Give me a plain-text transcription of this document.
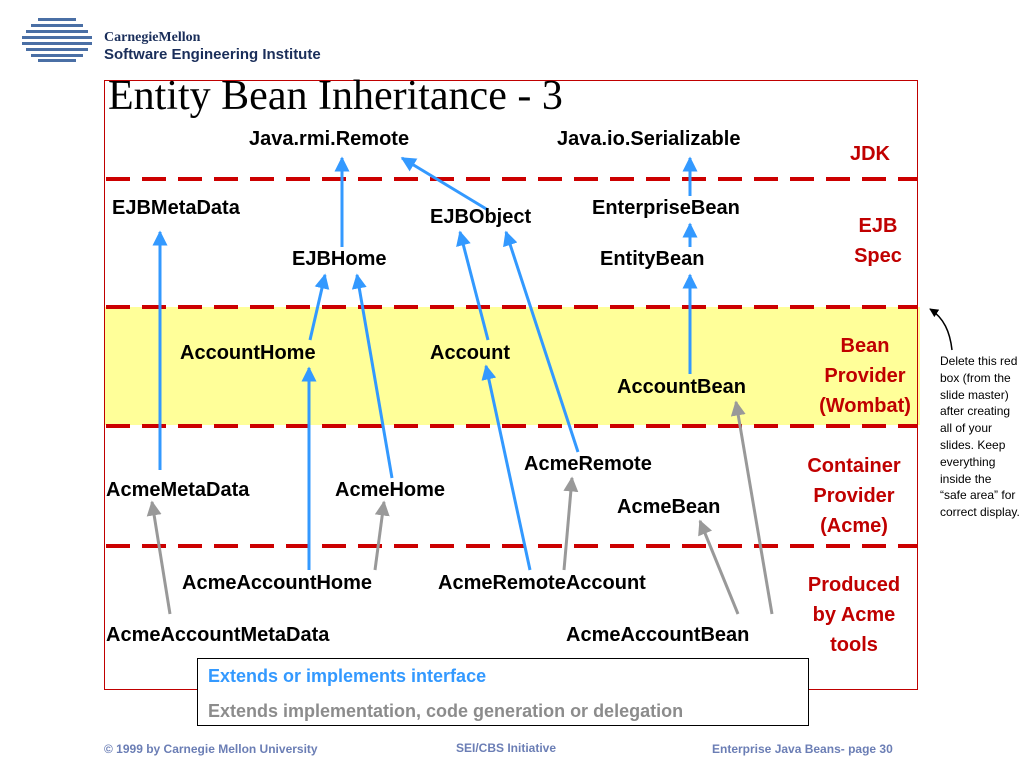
CarnegieMellon
Software Engineering Institute
Entity Bean Inheritance - 3
Java.rmi.Remote	Java.io.Serializable
EJBMetaData	EJBObject	EnterpriseBean
EJBHome	EntityBean
AccountHome	Account
AccountBean
AcmeRemote
AcmeMetaData	AcmeHome
AcmeBean
AcmeAccountHome	AcmeRemoteAccount
AcmeAccountMetaData	AcmeAccountBean
JDK
EJB
Spec
Bean
Provider
(Wombat)
Container
Provider
(Acme)
Produced
by Acme
tools
Delete this red box (from the slide master) after creating all of your slides. Keep everything inside the “safe area” for correct display.
Extends or implements interface
Extends implementation, code generation or delegation
© 1999 by Carnegie Mellon University	SEI/CBS Initiative	Enterprise Java Beans- page 30
